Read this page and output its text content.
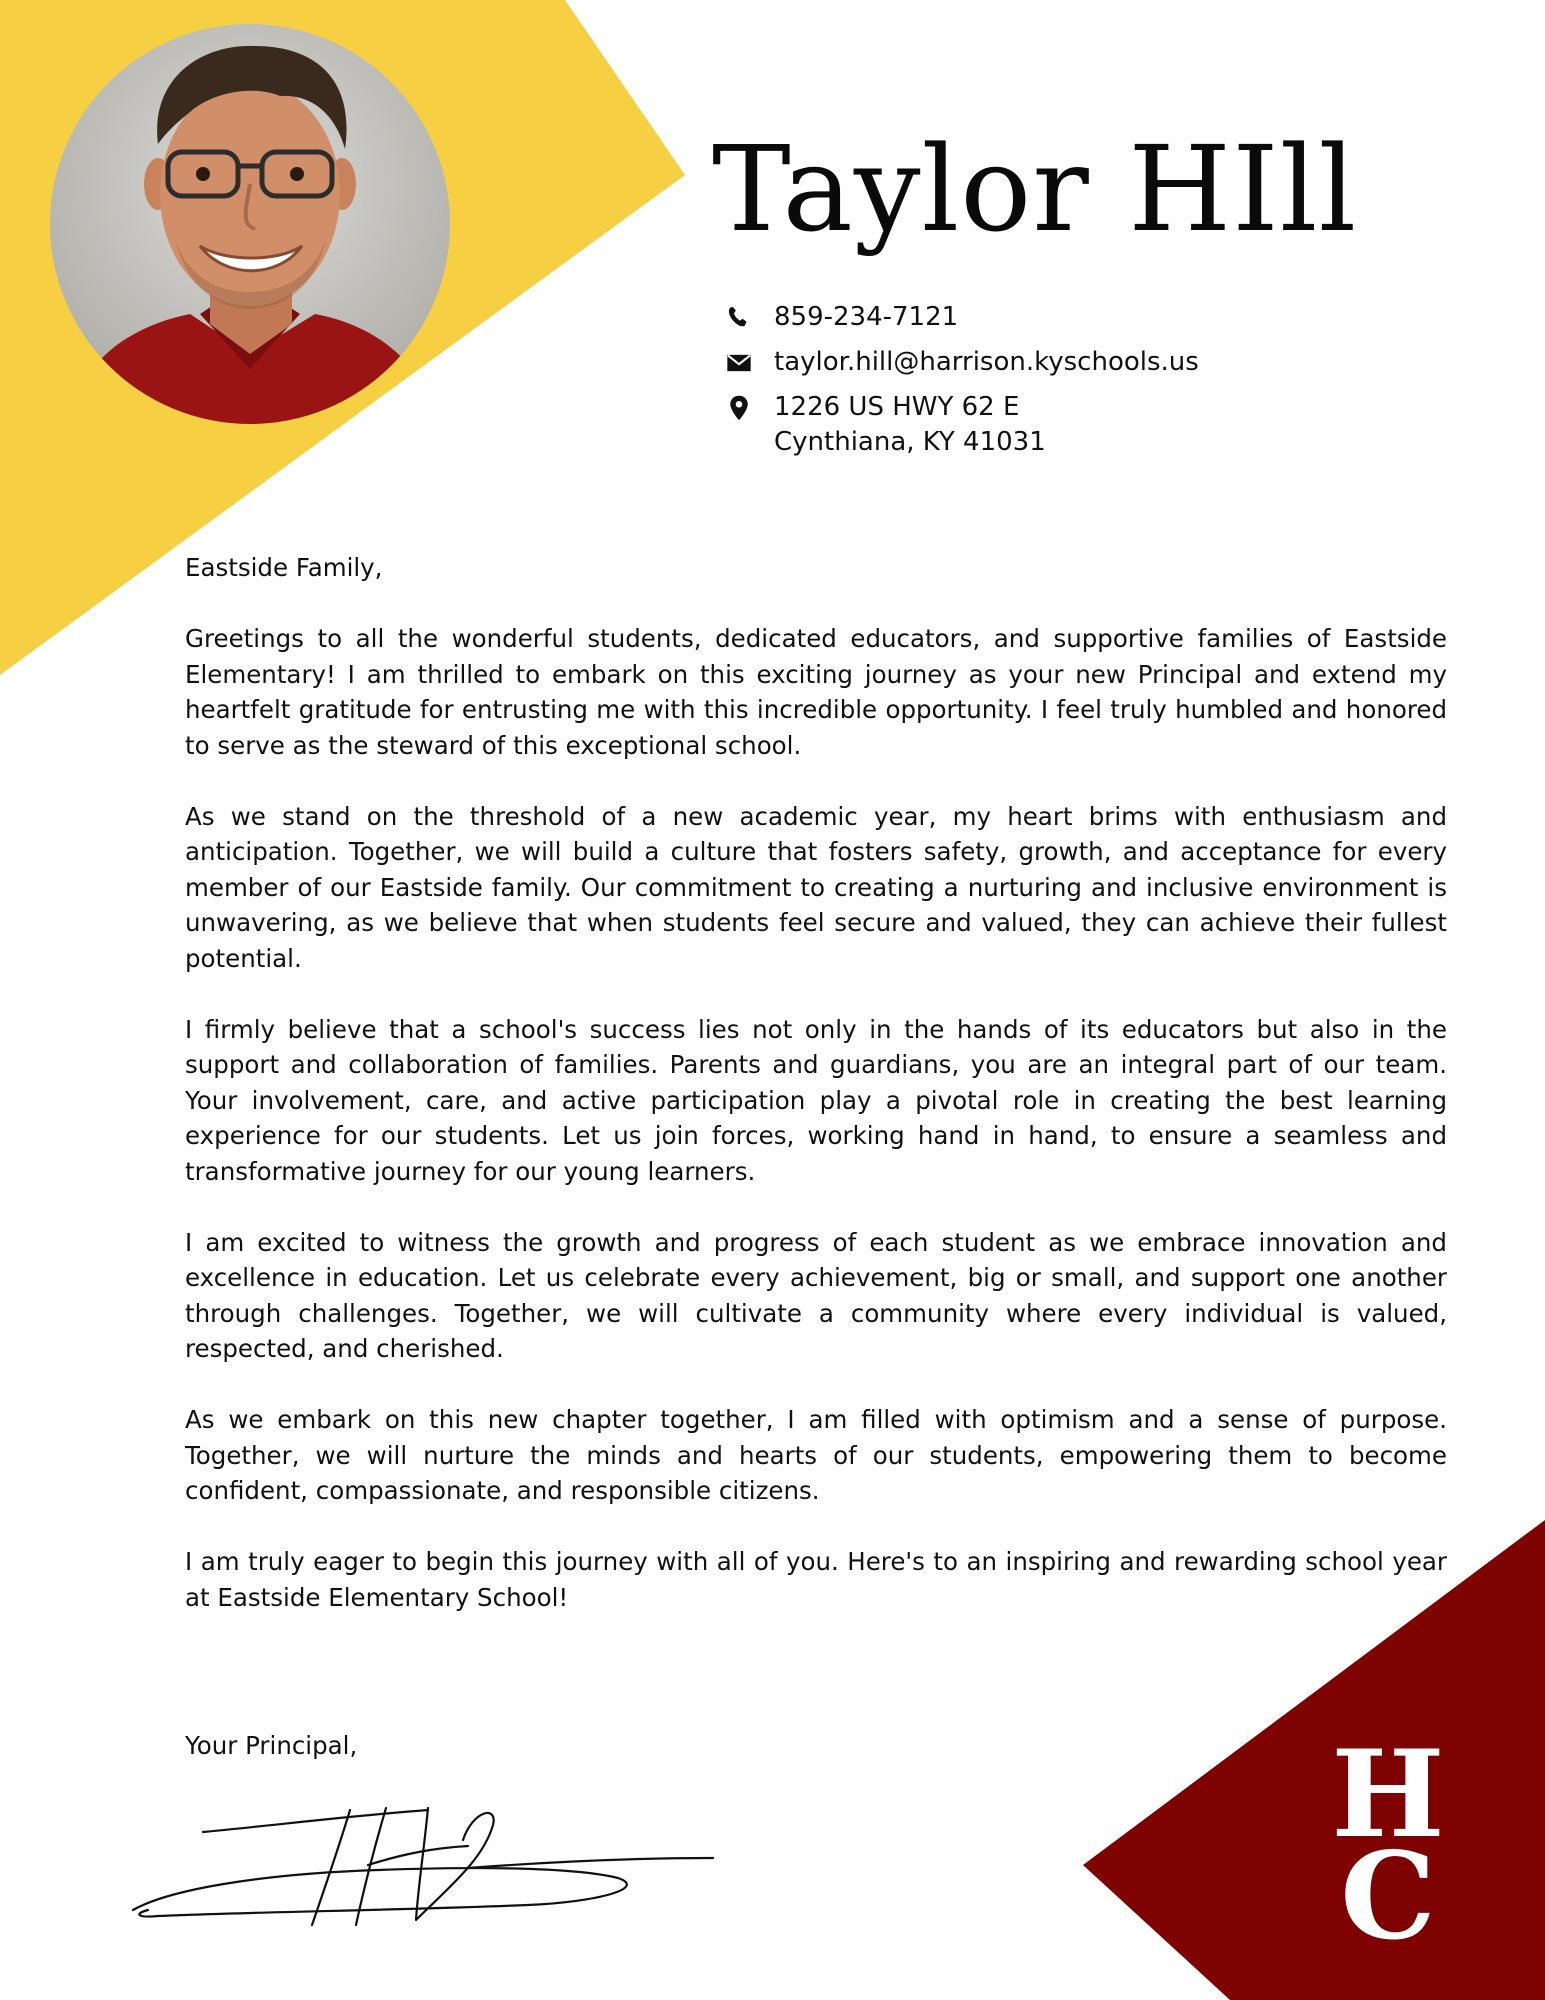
Taylor HIll
859-234-7121
taylor.hill@harrison.kyschools.us
1226 US HWY 62 E
Cynthiana, KY 41031

Eastside Family,

Greetings to all the wonderful students, dedicated educators, and supportive families of Eastside Elementary! I am thrilled to embark on this exciting journey as your new Principal and extend my heartfelt gratitude for entrusting me with this incredible opportunity. I feel truly humbled and honored to serve as the steward of this exceptional school.

As we stand on the threshold of a new academic year, my heart brims with enthusiasm and anticipation. Together, we will build a culture that fosters safety, growth, and acceptance for every member of our Eastside family. Our commitment to creating a nurturing and inclusive environment is unwavering, as we believe that when students feel secure and valued, they can achieve their fullest potential.

I firmly believe that a school's success lies not only in the hands of its educators but also in the support and collaboration of families. Parents and guardians, you are an integral part of our team. Your involvement, care, and active participation play a pivotal role in creating the best learning experience for our students. Let us join forces, working hand in hand, to ensure a seamless and transformative journey for our young learners.

I am excited to witness the growth and progress of each student as we embrace innovation and excellence in education. Let us celebrate every achievement, big or small, and support one another through challenges. Together, we will cultivate a community where every individual is valued, respected, and cherished.

As we embark on this new chapter together, I am filled with optimism and a sense of purpose. Together, we will nurture the minds and hearts of our students, empowering them to become confident, compassionate, and responsible citizens.

I am truly eager to begin this journey with all of you. Here's to an inspiring and rewarding school year at Eastside Elementary School!

Your Principal,	H
C
